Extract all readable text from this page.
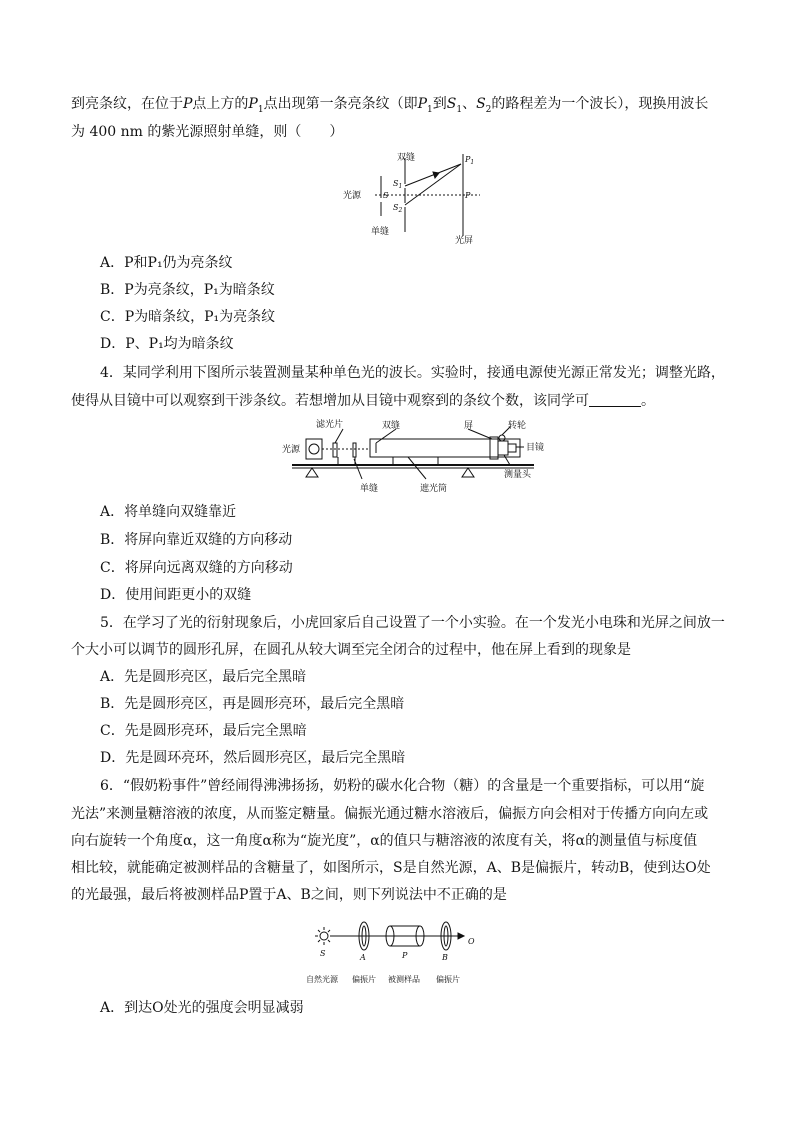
到亮条纹，在位于P点上方的$P_1$点出现第一条亮条纹（即$P_1$到$S_1$、$S_2$的路程差为一个波长），现换用波长
为 400 nm 的紫光源照射单缝，则（　　）
双缝
光源	S
$S_1$
$S_2$
$P_1$
P
单缝
光屏
A．P和P₁仍为亮条纹
B．P为亮条纹，P₁为暗条纹
C．P为暗条纹，P₁为亮条纹
D．P、P₁均为暗条纹
4．某同学利用下图所示装置测量某种单色光的波长。实验时，接通电源使光源正常发光；调整光路，
使得从目镜中可以观察到干涉条纹。若想增加从目镜中观察到的条纹个数，该同学可	。
滤光片	双缝	屏	转轮
光源	目镜
测量头
单缝	遮光筒
A．将单缝向双缝靠近
B．将屏向靠近双缝的方向移动
C．将屏向远离双缝的方向移动
D．使用间距更小的双缝
5．在学习了光的衍射现象后，小虎回家后自己设置了一个小实验。在一个发光小电珠和光屏之间放一
个大小可以调节的圆形孔屏，在圆孔从较大调至完全闭合的过程中，他在屏上看到的现象是
A．先是圆形亮区，最后完全黑暗
B．先是圆形亮区，再是圆形亮环，最后完全黑暗
C．先是圆形亮环，最后完全黑暗
D．先是圆环亮环，然后圆形亮区，最后完全黑暗
6．“假奶粉事件”曾经闹得沸沸扬扬，奶粉的碳水化合物（糖）的含量是一个重要指标，可以用“旋
光法”来测量糖溶液的浓度，从而鉴定糖量。偏振光通过糖水溶液后，偏振方向会相对于传播方向向左或
向右旋转一个角度α，这一角度α称为“旋光度”，α的值只与糖溶液的浓度有关，将α的测量值与标度值
相比较，就能确定被测样品的含糖量了，如图所示，S是自然光源，A、B是偏振片，转动B，使到达O处
的光最强，最后将被测样品P置于A、B之间，则下列说法中不正确的是
S	A	P	B
O
自然光源 偏振片 被测样品 偏振片
A．到达O处光的强度会明显减弱
